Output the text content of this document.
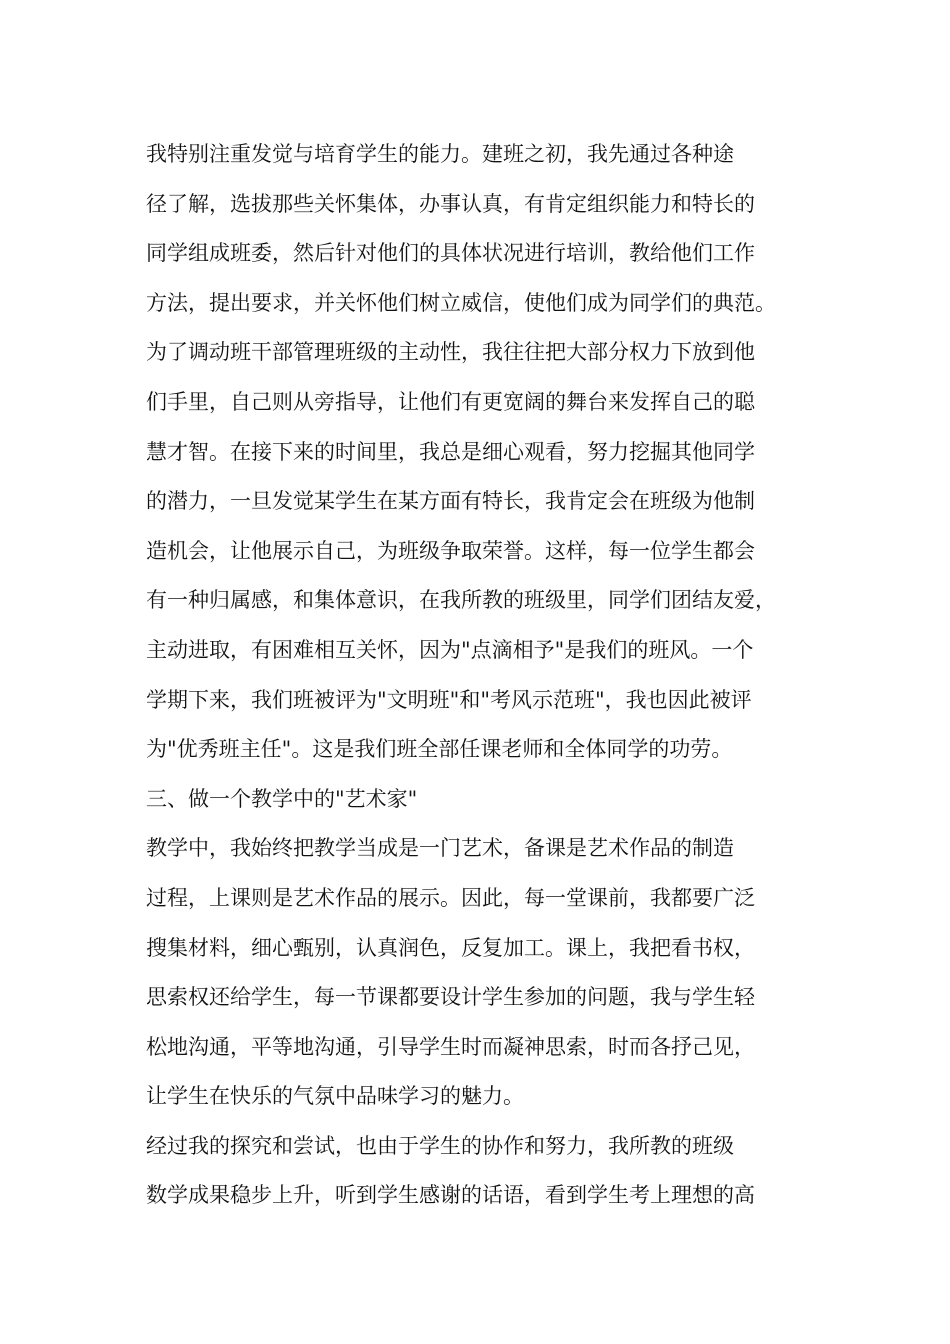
我特别注重发觉与培育学生的能力。建班之初，我先通过各种途
径了解，选拔那些关怀集体，办事认真，有肯定组织能力和特长的
同学组成班委，然后针对他们的具体状况进行培训，教给他们工作
方法，提出要求，并关怀他们树立威信，使他们成为同学们的典范。
为了调动班干部管理班级的主动性，我往往把大部分权力下放到他
们手里，自己则从旁指导，让他们有更宽阔的舞台来发挥自己的聪
慧才智。在接下来的时间里，我总是细心观看，努力挖掘其他同学
的潜力，一旦发觉某学生在某方面有特长，我肯定会在班级为他制
造机会，让他展示自己，为班级争取荣誉。这样，每一位学生都会
有一种归属感，和集体意识，在我所教的班级里，同学们团结友爱，
主动进取，有困难相互关怀，因为"点滴相予"是我们的班风。一个
学期下来，我们班被评为"文明班"和"考风示范班"，我也因此被评
为"优秀班主任"。这是我们班全部任课老师和全体同学的功劳。
三、做一个教学中的"艺术家"
教学中，我始终把教学当成是一门艺术，备课是艺术作品的制造
过程，上课则是艺术作品的展示。因此，每一堂课前，我都要广泛
搜集材料，细心甄别，认真润色，反复加工。课上，我把看书权，
思索权还给学生，每一节课都要设计学生参加的问题，我与学生轻
松地沟通，平等地沟通，引导学生时而凝神思索，时而各抒己见，
让学生在快乐的气氛中品味学习的魅力。
经过我的探究和尝试，也由于学生的协作和努力，我所教的班级
数学成果稳步上升，听到学生感谢的话语，看到学生考上理想的高
